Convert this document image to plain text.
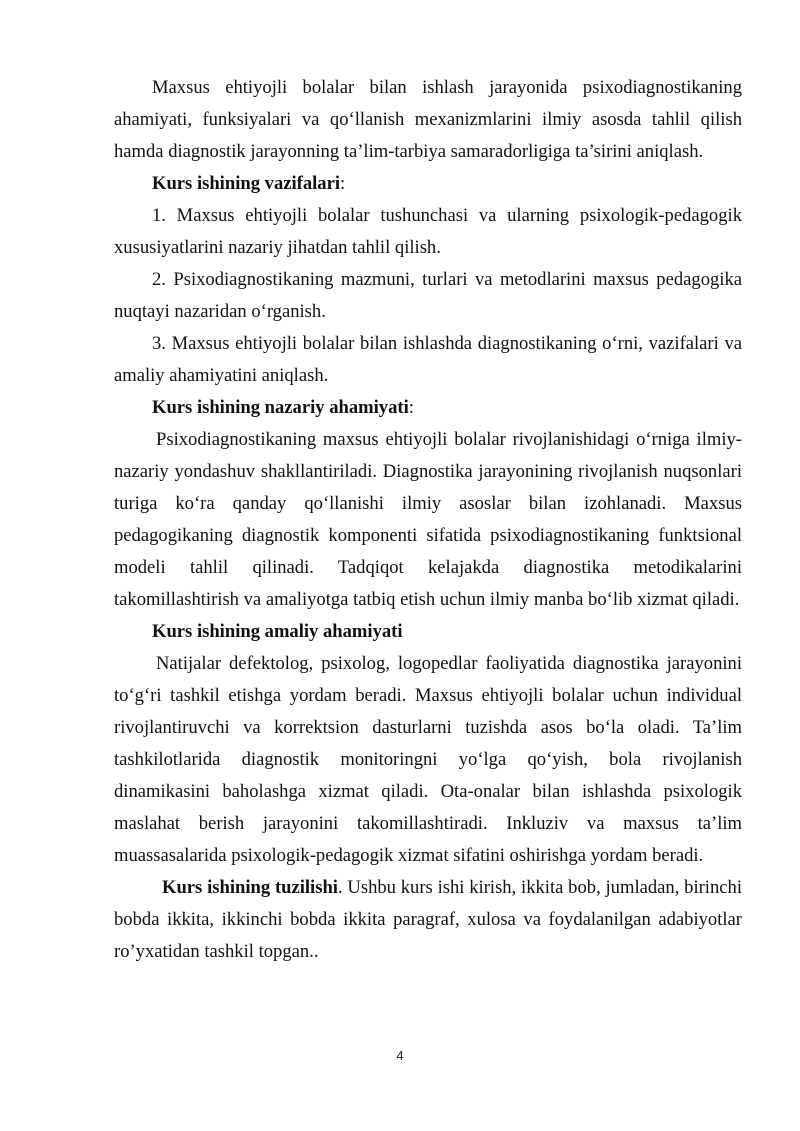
Maxsus ehtiyojli bolalar bilan ishlash jarayonida psixodiagnostikaning ahamiyati, funksiyalari va qo‘llanish mexanizmlarini ilmiy asosda tahlil qilish hamda diagnostik jarayonning ta’lim-tarbiya samaradorligiga ta’sirini aniqlash.

Kurs ishining vazifalari:

1. Maxsus ehtiyojli bolalar tushunchasi va ularning psixologik-pedagogik xususiyatlarini nazariy jihatdan tahlil qilish.

2. Psixodiagnostikaning mazmuni, turlari va metodlarini maxsus pedagogika nuqtayi nazaridan o‘rganish.

3. Maxsus ehtiyojli bolalar bilan ishlashda diagnostikaning o‘rni, vazifalari va amaliy ahamiyatini aniqlash.

Kurs ishining nazariy ahamiyati:

Psixodiagnostikaning maxsus ehtiyojli bolalar rivojlanishidagi o‘rniga ilmiy-nazariy yondashuv shakllantiriladi. Diagnostika jarayonining rivojlanish nuqsonlari turiga ko‘ra qanday qo‘llanishi ilmiy asoslar bilan izohlanadi. Maxsus pedagogikaning diagnostik komponenti sifatida psixodiagnostikaning funktsional modeli tahlil qilinadi. Tadqiqot kelajakda diagnostika metodikalarini takomillashtirish va amaliyotga tatbiq etish uchun ilmiy manba bo‘lib xizmat qiladi.

Kurs ishining amaliy ahamiyati

Natijalar defektolog, psixolog, logopedlar faoliyatida diagnostika jarayonini to‘g‘ri tashkil etishga yordam beradi. Maxsus ehtiyojli bolalar uchun individual rivojlantiruvchi va korrektsion dasturlarni tuzishda asos bo‘la oladi. Ta’lim tashkilotlarida diagnostik monitoringni yo‘lga qo‘yish, bola rivojlanish dinamikasini baholashga xizmat qiladi. Ota-onalar bilan ishlashda psixologik maslahat berish jarayonini takomillashtiradi. Inkluziv va maxsus ta’lim muassasalarida psixologik-pedagogik xizmat sifatini oshirishga yordam beradi.

Kurs ishining tuzilishi. Ushbu kurs ishi kirish, ikkita bob, jumladan, birinchi bobda ikkita, ikkinchi bobda ikkita paragraf, xulosa va foydalanilgan adabiyotlar ro’yxatidan tashkil topgan..

4
